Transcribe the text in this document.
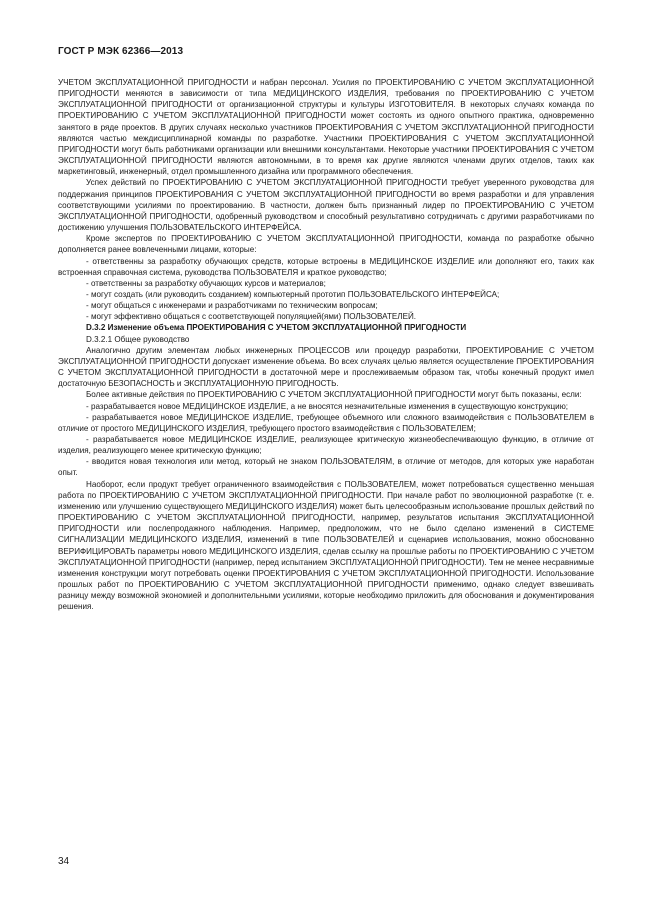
ГОСТ Р МЭК 62366—2013

УЧЕТОМ ЭКСПЛУАТАЦИОННОЙ ПРИГОДНОСТИ и набран персонал. Усилия по ПРОЕКТИРОВАНИЮ С УЧЕТОМ ЭКСПЛУАТАЦИОННОЙ ПРИГОДНОСТИ меняются в зависимости от типа МЕДИЦИНСКОГО ИЗДЕЛИЯ, требования по ПРОЕКТИРОВАНИЮ С УЧЕТОМ ЭКСПЛУАТАЦИОННОЙ ПРИГОДНОСТИ от организационной структуры и культуры ИЗГОТОВИТЕЛЯ. В некоторых случаях команда по ПРОЕКТИРОВАНИЮ С УЧЕТОМ ЭКСПЛУАТАЦИОННОЙ ПРИГОДНОСТИ может состоять из одного опытного практика, одновременно занятого в ряде проектов. В других случаях несколько участников ПРОЕКТИРОВАНИЯ С УЧЕТОМ ЭКСПЛУАТАЦИОННОЙ ПРИГОДНОСТИ являются частью междисциплинарной команды по разработке. Участники ПРОЕКТИРОВАНИЯ С УЧЕТОМ ЭКСПЛУАТАЦИОННОЙ ПРИГОДНОСТИ могут быть работниками организации или внешними консультантами. Некоторые участники ПРОЕКТИРОВАНИЯ С УЧЕТОМ ЭКСПЛУАТАЦИОННОЙ ПРИГОДНОСТИ являются автономными, в то время как другие являются членами других отделов, таких как маркетинговый, инженерный, отдел промышленного дизайна или программного обеспечения.

Успех действий по ПРОЕКТИРОВАНИЮ С УЧЕТОМ ЭКСПЛУАТАЦИОННОЙ ПРИГОДНОСТИ требует уверенного руководства для поддержания принципов ПРОЕКТИРОВАНИЯ С УЧЕТОМ ЭКСПЛУАТАЦИОННОЙ ПРИГОДНОСТИ во время разработки и для управления соответствующими усилиями по проектированию. В частности, должен быть признанный лидер по ПРОЕКТИРОВАНИЮ С УЧЕТОМ ЭКСПЛУАТАЦИОННОЙ ПРИГОДНОСТИ, одобренный руководством и способный результативно сотрудничать с другими разработчиками по достижению улучшения ПОЛЬЗОВАТЕЛЬСКОГО ИНТЕРФЕЙСА.

Кроме экспертов по ПРОЕКТИРОВАНИЮ С УЧЕТОМ ЭКСПЛУАТАЦИОННОЙ ПРИГОДНОСТИ, команда по разработке обычно дополняется ранее вовлеченными лицами, которые:

- ответственны за разработку обучающих средств, которые встроены в МЕДИЦИНСКОЕ ИЗДЕЛИЕ или дополняют его, таких как встроенная справочная система, руководства ПОЛЬЗОВАТЕЛЯ и краткое руководство;

- ответственны за разработку обучающих курсов и материалов;

- могут создать (или руководить созданием) компьютерный прототип ПОЛЬЗОВАТЕЛЬСКОГО ИНТЕРФЕЙСА;

- могут общаться с инженерами и разработчиками по техническим вопросам;

- могут эффективно общаться с соответствующей популяцией(ями) ПОЛЬЗОВАТЕЛЕЙ.

D.3.2 Изменение объема ПРОЕКТИРОВАНИЯ С УЧЕТОМ ЭКСПЛУАТАЦИОННОЙ ПРИГОДНОСТИ

D.3.2.1 Общее руководство

Аналогично другим элементам любых инженерных ПРОЦЕССОВ или процедур разработки, ПРОЕКТИРОВАНИЕ С УЧЕТОМ ЭКСПЛУАТАЦИОННОЙ ПРИГОДНОСТИ допускает изменение объема. Во всех случаях целью является осуществление ПРОЕКТИРОВАНИЯ С УЧЕТОМ ЭКСПЛУАТАЦИОННОЙ ПРИГОДНОСТИ в достаточной мере и прослеживаемым образом так, чтобы конечный продукт имел достаточную БЕЗОПАСНОСТЬ и ЭКСПЛУАТАЦИОННУЮ ПРИГОДНОСТЬ.

Более активные действия по ПРОЕКТИРОВАНИЮ С УЧЕТОМ ЭКСПЛУАТАЦИОННОЙ ПРИГОДНОСТИ могут быть показаны, если:

- разрабатывается новое МЕДИЦИНСКОЕ ИЗДЕЛИЕ, а не вносятся незначительные изменения в существующую конструкцию;

- разрабатывается новое МЕДИЦИНСКОЕ ИЗДЕЛИЕ, требующее объемного или сложного взаимодействия с ПОЛЬЗОВАТЕЛЕМ в отличие от простого МЕДИЦИНСКОГО ИЗДЕЛИЯ, требующего простого взаимодействия с ПОЛЬЗОВАТЕЛЕМ;

- разрабатывается новое МЕДИЦИНСКОЕ ИЗДЕЛИЕ, реализующее критическую жизнеобеспечивающую функцию, в отличие от изделия, реализующего менее критическую функцию;

- вводится новая технология или метод, который не знаком ПОЛЬЗОВАТЕЛЯМ, в отличие от методов, для которых уже наработан опыт.

Наоборот, если продукт требует ограниченного взаимодействия с ПОЛЬЗОВАТЕЛЕМ, может потребоваться существенно меньшая работа по ПРОЕКТИРОВАНИЮ С УЧЕТОМ ЭКСПЛУАТАЦИОННОЙ ПРИГОДНОСТИ. При начале работ по эволюционной разработке (т. е. изменению или улучшению существующего МЕДИЦИНСКОГО ИЗДЕЛИЯ) может быть целесообразным использование прошлых действий по ПРОЕКТИРОВАНИЮ С УЧЕТОМ ЭКСПЛУАТАЦИОННОЙ ПРИГОДНОСТИ, например, результатов испытания ЭКСПЛУАТАЦИОННОЙ ПРИГОДНОСТИ или послепродажного наблюдения. Например, предположим, что не было сделано изменений в СИСТЕМЕ СИГНАЛИЗАЦИИ МЕДИЦИНСКОГО ИЗДЕЛИЯ, изменений в типе ПОЛЬЗОВАТЕЛЕЙ и сценариев использования, можно обоснованно ВЕРИФИЦИРОВАТЬ параметры нового МЕДИЦИНСКОГО ИЗДЕЛИЯ, сделав ссылку на прошлые работы по ПРОЕКТИРОВАНИЮ С УЧЕТОМ ЭКСПЛУАТАЦИОННОЙ ПРИГОДНОСТИ (например, перед испытанием ЭКСПЛУАТАЦИОННОЙ ПРИГОДНОСТИ). Тем не менее несравнимые изменения конструкции могут потребовать оценки ПРОЕКТИРОВАНИЯ С УЧЕТОМ ЭКСПЛУАТАЦИОННОЙ ПРИГОДНОСТИ. Использование прошлых работ по ПРОЕКТИРОВАНИЮ С УЧЕТОМ ЭКСПЛУАТАЦИОННОЙ ПРИГОДНОСТИ применимо, однако следует взвешивать разницу между возможной экономией и дополнительными усилиями, которые необходимо приложить для обоснования и документирования решения.

34
